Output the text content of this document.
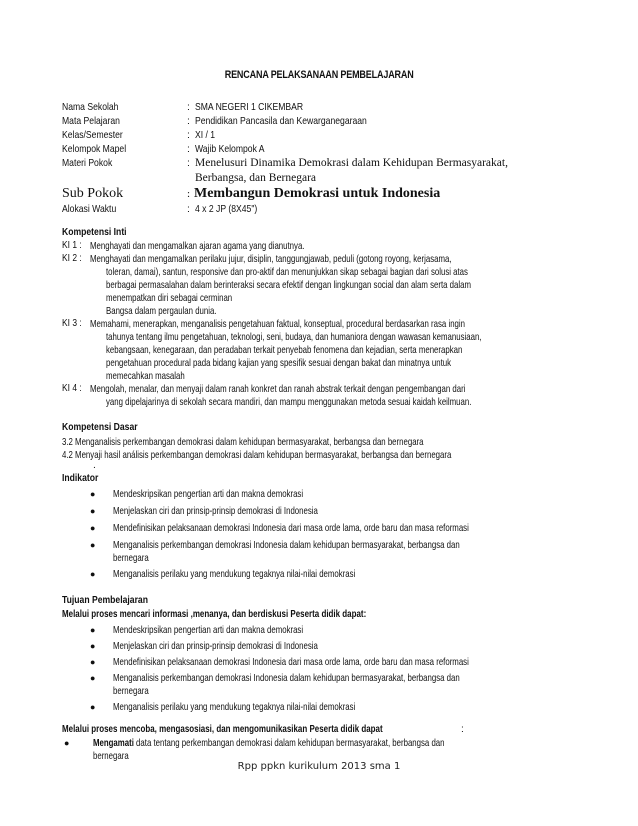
RENCANA PELAKSANAAN PEMBELAJARAN
Nama Sekolah	: SMA NEGERI 1 CIKEMBAR
Mata Pelajaran	: Pendidikan Pancasila dan Kewarganegaraan
Kelas/Semester	: XI / 1
Kelompok Mapel	: Wajib Kelompok A
Materi Pokok	: Menelusuri Dinamika Demokrasi dalam Kehidupan Bermasyarakat,
Berbangsa, dan Bernegara
Sub Pokok	: Membangun Demokrasi untuk Indonesia
Alokasi Waktu	: 4 x 2 JP (8X45")
Kompetensi Inti
KI 1 : Menghayati dan mengamalkan ajaran agama yang dianutnya.
KI 2 : Menghayati dan mengamalkan perilaku jujur, disiplin, tanggungjawab, peduli (gotong royong, kerjasama,
toleran, damai), santun, responsive dan pro-aktif dan menunjukkan sikap sebagai bagian dari solusi atas
berbagai permasalahan dalam berinteraksi secara efektif dengan lingkungan social dan alam serta dalam
menempatkan diri sebagai cerminan
Bangsa dalam pergaulan dunia.
KI 3 : Memahami, menerapkan, menganalisis pengetahuan faktual, konseptual, procedural berdasarkan rasa ingin
tahunya tentang ilmu pengetahuan, teknologi, seni, budaya, dan humaniora dengan wawasan kemanusiaan,
kebangsaan, kenegaraan, dan peradaban terkait penyebab fenomena dan kejadian, serta menerapkan
pengetahuan procedural pada bidang kajian yang spesifik sesuai dengan bakat dan minatnya untuk
memecahkan masalah
KI 4 : Mengolah, menalar, dan menyaji dalam ranah konkret dan ranah abstrak terkait dengan pengembangan dari
yang dipelajarinya di sekolah secara mandiri, dan mampu menggunakan metoda sesuai kaidah keilmuan.
Kompetensi Dasar
3.2 Menganalisis perkembangan demokrasi dalam kehidupan bermasyarakat, berbangsa dan bernegara
4.2 Menyaji hasil análisis perkembangan demokrasi dalam kehidupan bermasyarakat, berbangsa dan bernegara
.
Indikator
● Mendeskripsikan pengertian arti dan makna demokrasi
● Menjelaskan ciri dan prinsip-prinsip demokrasi di Indonesia
● Mendefinisikan pelaksanaan demokrasi Indonesia dari masa orde lama, orde baru dan masa reformasi
● Menganalisis perkembangan demokrasi Indonesia dalam kehidupan bermasyarakat, berbangsa dan
bernegara
● Menganalisis perilaku yang mendukung tegaknya nilai-nilai demokrasi
Tujuan Pembelajaran
Melalui proses mencari informasi ,menanya, dan berdiskusi Peserta didik dapat:
● Mendeskripsikan pengertian arti dan makna demokrasi
● Menjelaskan ciri dan prinsip-prinsip demokrasi di Indonesia
● Mendefinisikan pelaksanaan demokrasi Indonesia dari masa orde lama, orde baru dan masa reformasi
● Menganalisis perkembangan demokrasi Indonesia dalam kehidupan bermasyarakat, berbangsa dan
bernegara
● Menganalisis perilaku yang mendukung tegaknya nilai-nilai demokrasi
Melalui proses mencoba, mengasosiasi, dan mengomunikasikan Peserta didik dapat	:
● Mengamati data tentang perkembangan demokrasi dalam kehidupan bermasyarakat, berbangsa dan
bernegara
Rpp ppkn kurikulum 2013 sma 1
